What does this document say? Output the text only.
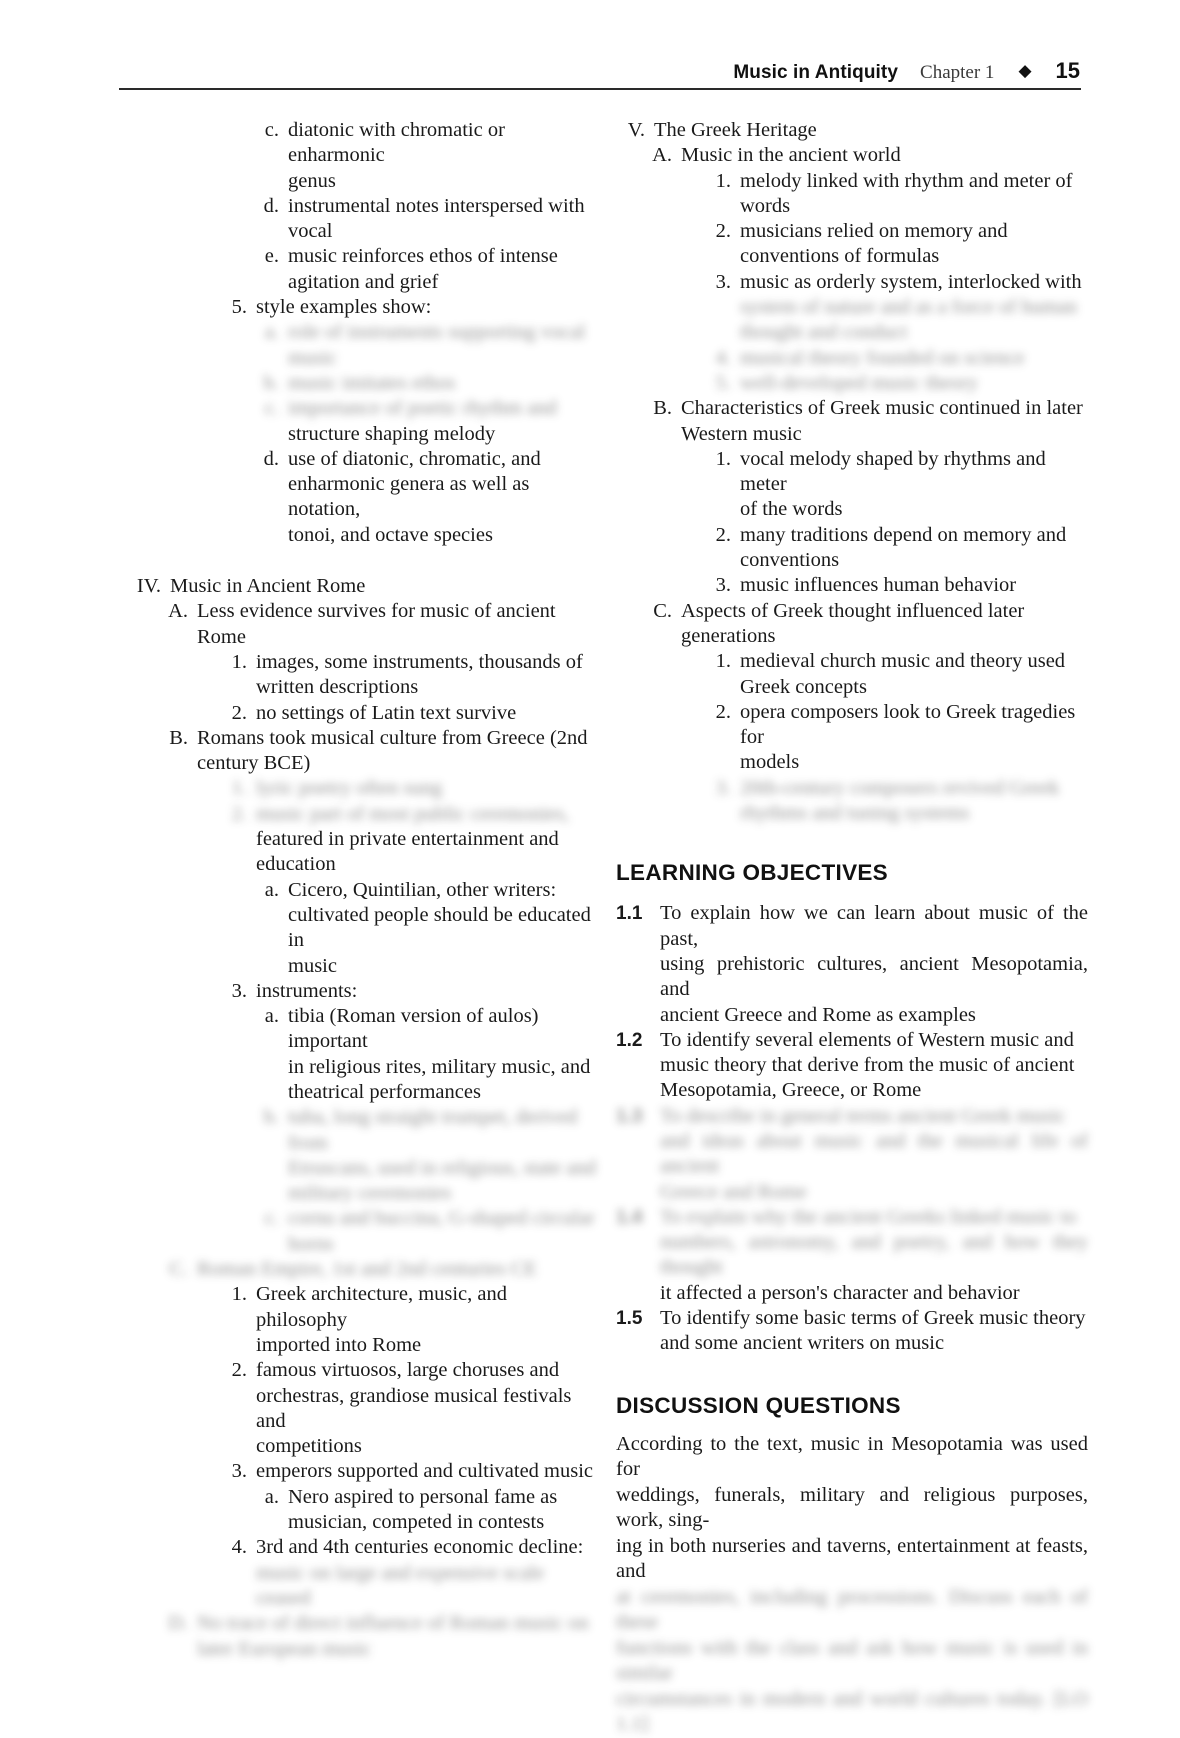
Music in Antiquity Chapter 1 ◆ 15
c. diatonic with chromatic or enharmonic
genus
d. instrumental notes interspersed with
vocal
e. music reinforces ethos of intense
agitation and grief
5. style examples show:
a. role of instruments supporting vocal
music
b. music imitates ethos
c. importance of poetic rhythm and
structure shaping melody
d. use of diatonic, chromatic, and
enharmonic genera as well as notation,
tonoi, and octave species
IV. Music in Ancient Rome
A. Less evidence survives for music of ancient
Rome
1. images, some instruments, thousands of
written descriptions
2. no settings of Latin text survive
B. Romans took musical culture from Greece (2nd
century BCE)
1. lyric poetry often sung
2. music part of most public ceremonies,
featured in private entertainment and
education
a. Cicero, Quintilian, other writers:
cultivated people should be educated in
music
3. instruments:
a. tibia (Roman version of aulos) important
in religious rites, military music, and
theatrical performances
b. tuba, long straight trumpet, derived from
Etruscans, used in religious, state and
military ceremonies
c. cornu and buccina, G-shaped circular
horns
C. Roman Empire, 1st and 2nd centuries CE
1. Greek architecture, music, and philosophy
imported into Rome
2. famous virtuosos, large choruses and
orchestras, grandiose musical festivals and
competitions
3. emperors supported and cultivated music
a. Nero aspired to personal fame as
musician, competed in contests
4. 3rd and 4th centuries economic decline:
music on large and expensive scale ceased
D. No trace of direct influence of Roman music on
later European music
V. The Greek Heritage
A. Music in the ancient world
1. melody linked with rhythm and meter of
words
2. musicians relied on memory and
conventions of formulas
3. music as orderly system, interlocked with
system of nature and as a force of human
thought and conduct
4. musical theory founded on science
5. well-developed music theory
B. Characteristics of Greek music continued in later
Western music
1. vocal melody shaped by rhythms and meter
of the words
2. many traditions depend on memory and
conventions
3. music influences human behavior
C. Aspects of Greek thought influenced later
generations
1. medieval church music and theory used
Greek concepts
2. opera composers look to Greek tragedies for
models
3. 20th-century composers revived Greek
rhythms and tuning systems
LEARNING OBJECTIVES
1.1 To explain how we can learn about music of the past,
using prehistoric cultures, ancient Mesopotamia, and
ancient Greece and Rome as examples
1.2 To identify several elements of Western music and
music theory that derive from the music of ancient
Mesopotamia, Greece, or Rome
1.3 To describe in general terms ancient Greek music
and ideas about music and the musical life of ancient
Greece and Rome
1.4 To explain why the ancient Greeks linked music to
numbers, astronomy, and poetry, and how they thought
it affected a person's character and behavior
1.5 To identify some basic terms of Greek music theory
and some ancient writers on music
DISCUSSION QUESTIONS
According to the text, music in Mesopotamia was used for
weddings, funerals, military and religious purposes, work, sing-
ing in both nurseries and taverns, entertainment at feasts, and
at ceremonies, including processions. Discuss each of these
functions with the class and ask how music is used in similar
circumstances in modern and world cultures today. [LO 1.1]
